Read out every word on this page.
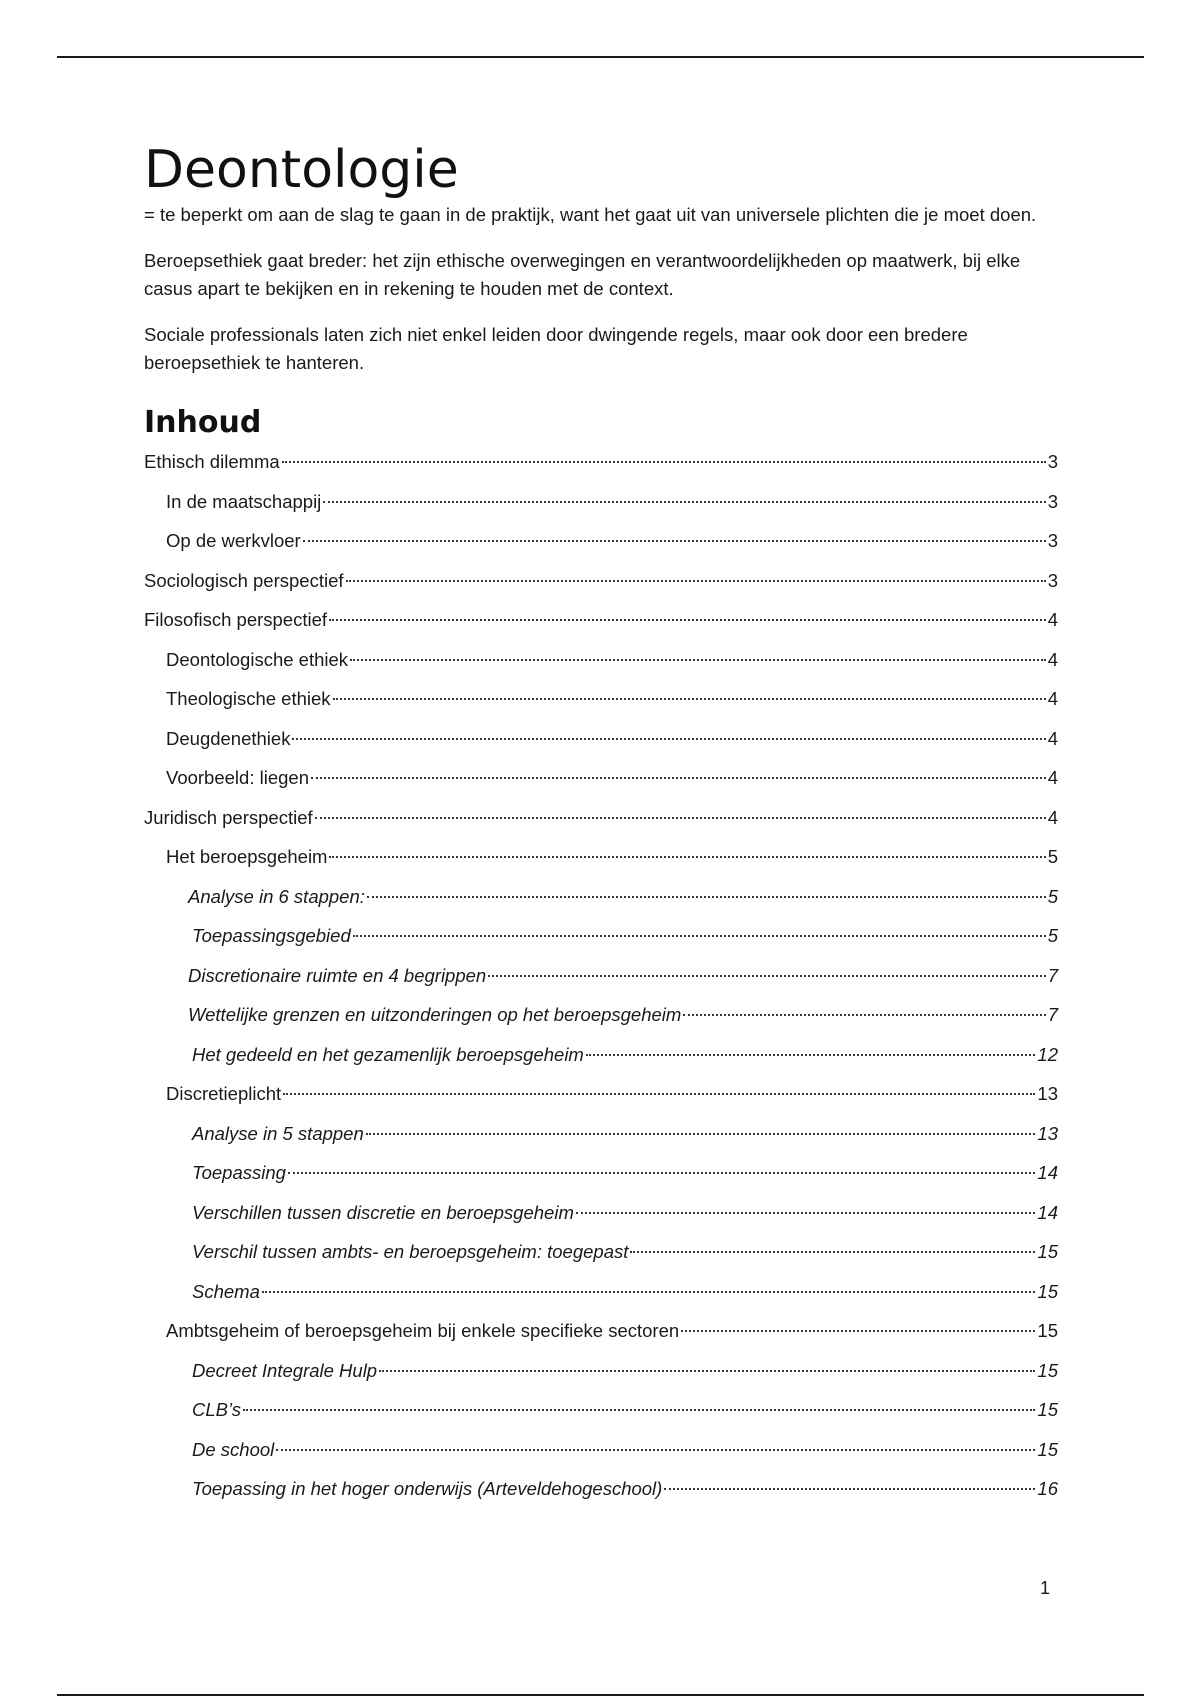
Deontologie

= te beperkt om aan de slag te gaan in de praktijk, want het gaat uit van universele plichten die je moet doen.

Beroepsethiek gaat breder: het zijn ethische overwegingen en verantwoordelijkheden op maatwerk, bij elke casus apart te bekijken en in rekening te houden met de context.

Sociale professionals laten zich niet enkel leiden door dwingende regels, maar ook door een bredere beroepsethiek te hanteren.

Inhoud
Ethisch dilemma	3
In de maatschappij	3
Op de werkvloer	3
Sociologisch perspectief	3
Filosofisch perspectief	4
Deontologische ethiek	4
Theologische ethiek	4
Deugdenethiek	4
Voorbeeld: liegen	4
Juridisch perspectief	4
Het beroepsgeheim	5
Analyse in 6 stappen:	5
Toepassingsgebied	5
Discretionaire ruimte en 4 begrippen	7
Wettelijke grenzen en uitzonderingen op het beroepsgeheim	7
Het gedeeld en het gezamenlijk beroepsgeheim	12
Discretieplicht	13
Analyse in 5 stappen	13
Toepassing	14
Verschillen tussen discretie en beroepsgeheim	14
Verschil tussen ambts- en beroepsgeheim: toegepast	15
Schema	15
Ambtsgeheim of beroepsgeheim bij enkele specifieke sectoren	15
Decreet Integrale Hulp	15
CLB’s	15
De school	15
Toepassing in het hoger onderwijs (Arteveldehogeschool)	16
1
